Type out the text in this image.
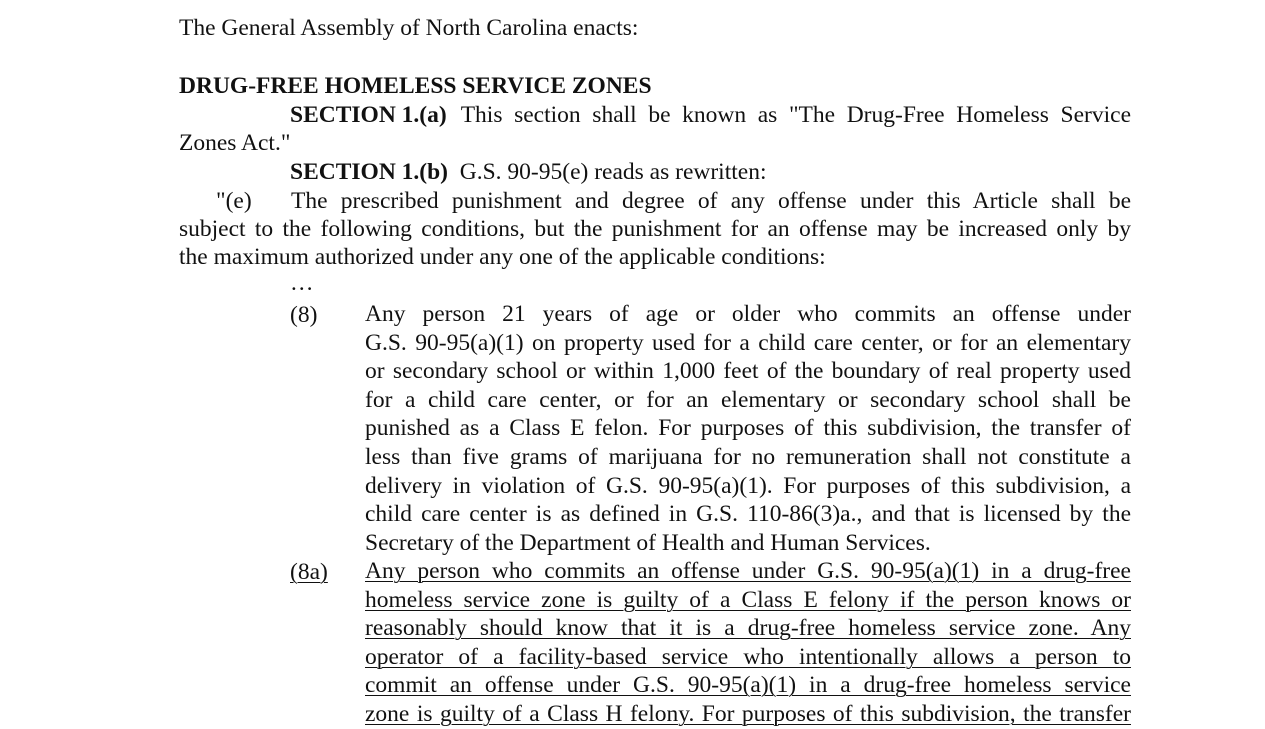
The General Assembly of North Carolina enacts:
DRUG-FREE HOMELESS SERVICE ZONES
SECTION 1.(a) This section shall be known as "The Drug-Free Homeless Service
Zones Act."
SECTION 1.(b) G.S. 90-95(e) reads as rewritten:
"(e) The prescribed punishment and degree of any offense under this Article shall be
subject to the following conditions, but the punishment for an offense may be increased only by
the maximum authorized under any one of the applicable conditions:
…
(8) Any person 21 years of age or older who commits an offense under
G.S. 90-95(a)(1) on property used for a child care center, or for an elementary
or secondary school or within 1,000 feet of the boundary of real property used
for a child care center, or for an elementary or secondary school shall be
punished as a Class E felon. For purposes of this subdivision, the transfer of
less than five grams of marijuana for no remuneration shall not constitute a
delivery in violation of G.S. 90-95(a)(1). For purposes of this subdivision, a
child care center is as defined in G.S. 110-86(3)a., and that is licensed by the
Secretary of the Department of Health and Human Services.
(8a) Any person who commits an offense under G.S. 90-95(a)(1) in a drug-free
homeless service zone is guilty of a Class E felony if the person knows or
reasonably should know that it is a drug-free homeless service zone. Any
operator of a facility-based service who intentionally allows a person to
commit an offense under G.S. 90-95(a)(1) in a drug-free homeless service
zone is guilty of a Class H felony. For purposes of this subdivision, the transfer
